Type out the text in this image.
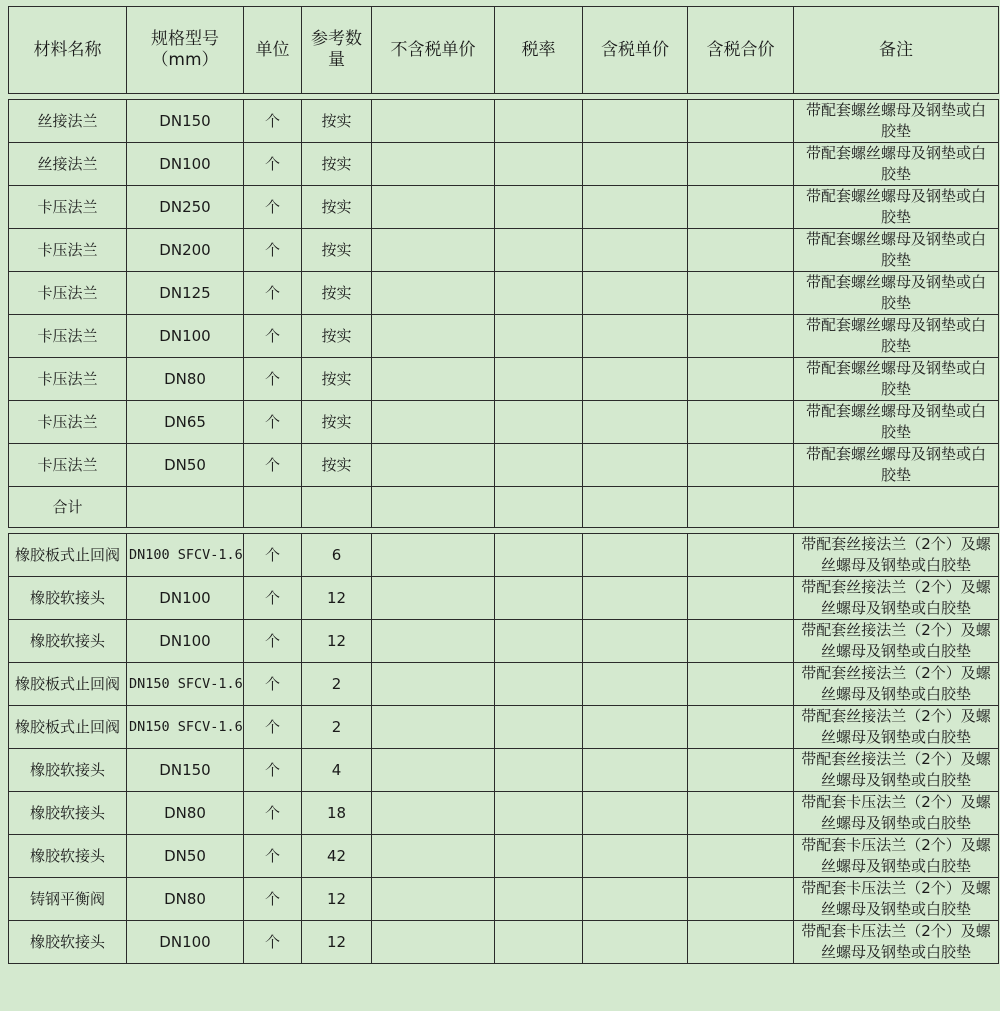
材料名称	规格型号（mm）	单位	参考数量	不含税单价	税率	含税单价	含税合价	备注

丝接法兰	DN150	个	按实					带配套螺丝螺母及钢垫或白胶垫
丝接法兰	DN100	个	按实					带配套螺丝螺母及钢垫或白胶垫
卡压法兰	DN250	个	按实					带配套螺丝螺母及钢垫或白胶垫
卡压法兰	DN200	个	按实					带配套螺丝螺母及钢垫或白胶垫
卡压法兰	DN125	个	按实					带配套螺丝螺母及钢垫或白胶垫
卡压法兰	DN100	个	按实					带配套螺丝螺母及钢垫或白胶垫
卡压法兰	DN80	个	按实					带配套螺丝螺母及钢垫或白胶垫
卡压法兰	DN65	个	按实					带配套螺丝螺母及钢垫或白胶垫
卡压法兰	DN50	个	按实					带配套螺丝螺母及钢垫或白胶垫
合计								

橡胶板式止回阀	DN100 SFCV-1.6	个	6					带配套丝接法兰（2个）及螺丝螺母及钢垫或白胶垫
橡胶软接头	DN100	个	12					带配套丝接法兰（2个）及螺丝螺母及钢垫或白胶垫
橡胶软接头	DN100	个	12					带配套丝接法兰（2个）及螺丝螺母及钢垫或白胶垫
橡胶板式止回阀	DN150 SFCV-1.6	个	2					带配套丝接法兰（2个）及螺丝螺母及钢垫或白胶垫
橡胶板式止回阀	DN150 SFCV-1.6	个	2					带配套丝接法兰（2个）及螺丝螺母及钢垫或白胶垫
橡胶软接头	DN150	个	4					带配套丝接法兰（2个）及螺丝螺母及钢垫或白胶垫
橡胶软接头	DN80	个	18					带配套卡压法兰（2个）及螺丝螺母及钢垫或白胶垫
橡胶软接头	DN50	个	42					带配套卡压法兰（2个）及螺丝螺母及钢垫或白胶垫
铸钢平衡阀	DN80	个	12					带配套卡压法兰（2个）及螺丝螺母及钢垫或白胶垫
橡胶软接头	DN100	个	12					带配套卡压法兰（2个）及螺丝螺母及钢垫或白胶垫
